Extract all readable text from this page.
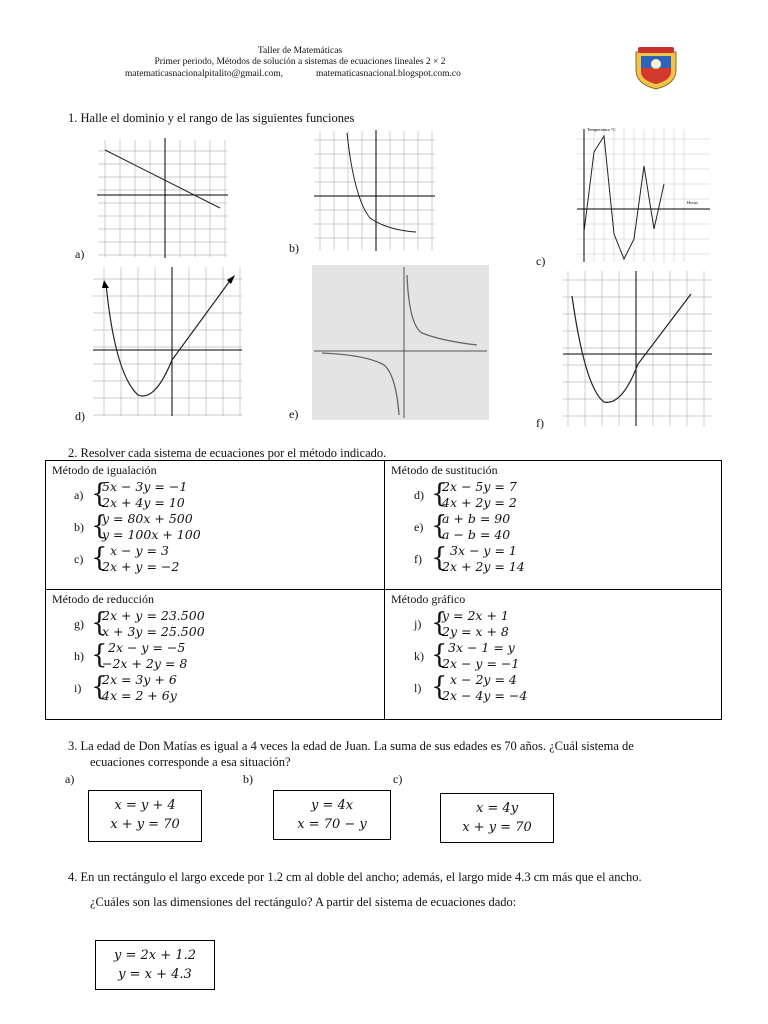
Taller de Matemáticas
Primer periodo, Métodos de solución a sistemas de ecuaciones lineales 2 × 2
matematicasnacionalpitalito@gmail.com,	matematicasnacional.blogspot.com.co
1. Halle el dominio y el rango de las siguientes funciones
a)	b)
Temperatura °C
Horas
c)
d)	e)
f)
2. Resolver cada sistema de ecuaciones por el método indicado.
Método de igualación
a) {
5x − 3y = −1
2x + 4y = 10
b) {
y = 80x + 500
y = 100x + 100
c) { x − y = 3
2x + y = −2
Método de sustitución
d) {
2x − 5y = 7
4x + 2y = 2
e) {
a + b = 90
a − b = 40
f) { 3x − y = 1
2x + 2y = 14
Método de reducción
g) {
2x + y = 23.500
x + 3y = 25.500
h) { 2x − y = −5
−2x + 2y = 8
i) {
2x = 3y + 6
4x = 2 + 6y
Método gráfico
j) {
y = 2x + 1
2y = x + 8
k) { 3x − 1 = y
2x − y = −1
l) { x − 2y = 4
2x − 4y = −4
3. La edad de Don Matías es igual a 4 veces la edad de Juan. La suma de sus edades es 70 años. ¿Cuál sistema de
ecuaciones corresponde a esa situación?
a)
x = y + 4
x + y = 70
b)
y = 4x
x = 70 − y
c)
x = 4y
x + y = 70
4. En un rectángulo el largo excede por 1.2 cm al doble del ancho; además, el largo mide 4.3 cm más que el ancho.
¿Cuáles son las dimensiones del rectángulo? A partir del sistema de ecuaciones dado:
y = 2x + 1.2
y = x + 4.3
